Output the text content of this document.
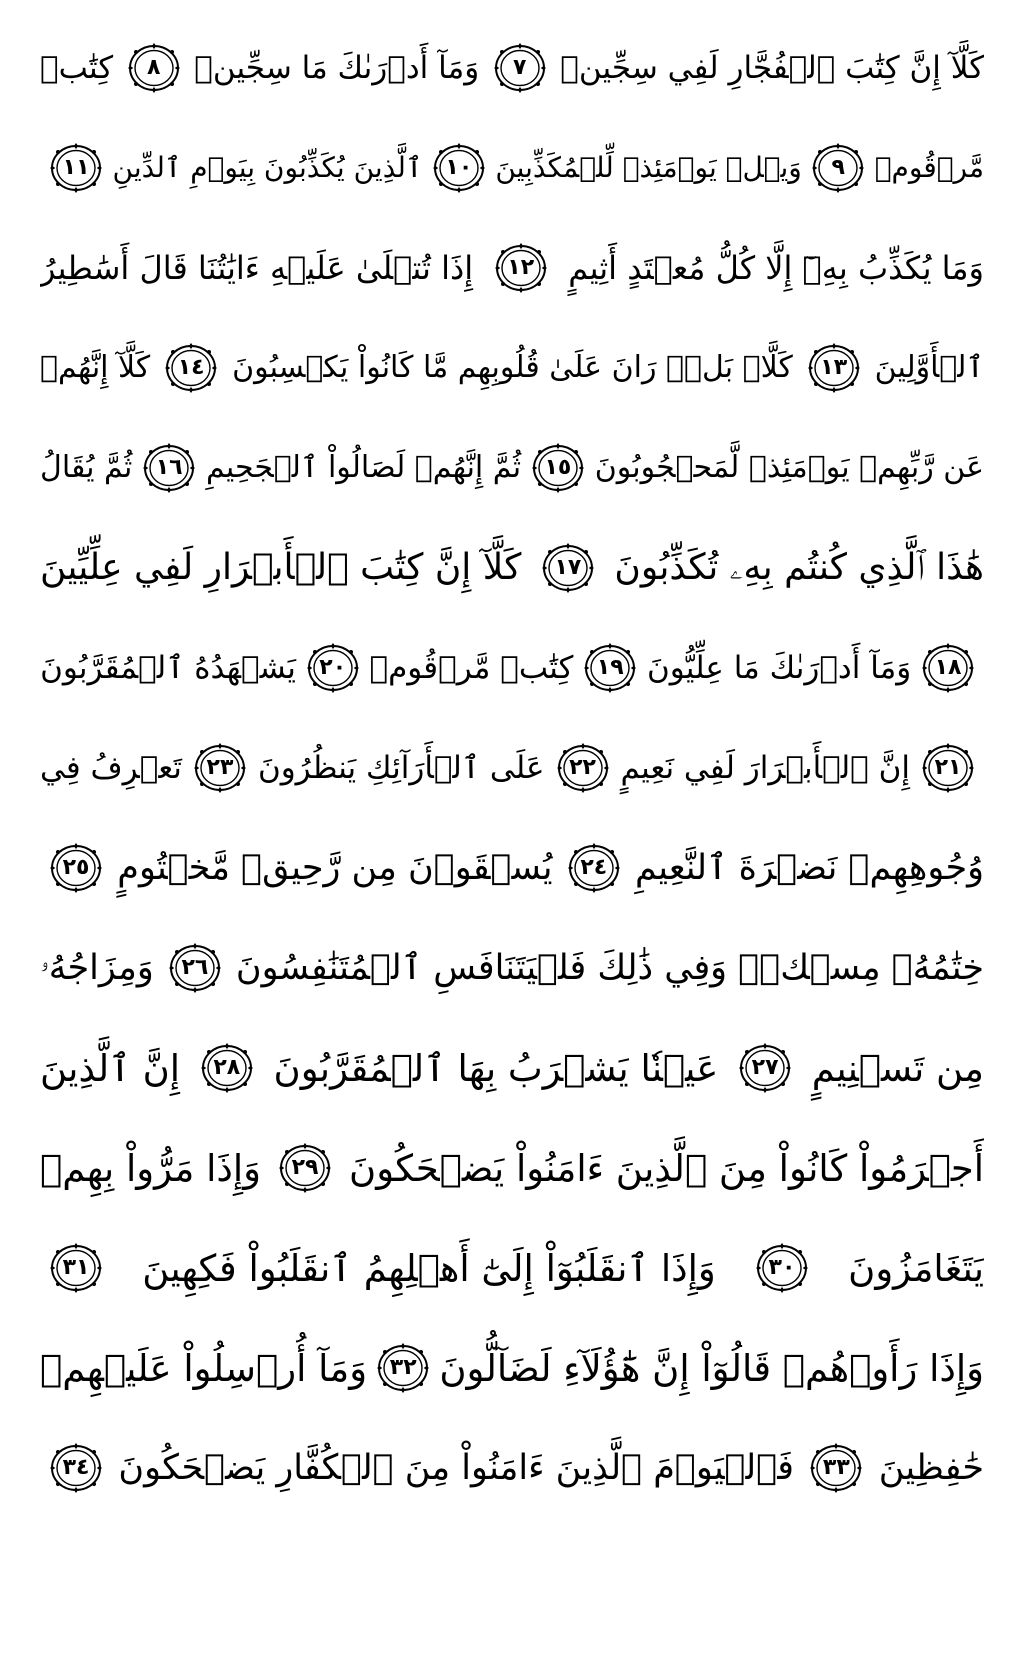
كَلَّآ إِنَّ كِتَٰبَ ٱلۡفُجَّارِ لَفِي سِجِّينٖ
٧
وَمَآ أَدۡرَىٰكَ مَا سِجِّينٞ
٨
كِتَٰبٞ
مَّرۡقُومٞ
٩
وَيۡلٞ يَوۡمَئِذٖ لِّلۡمُكَذِّبِينَ
١٠
ٱلَّذِينَ يُكَذِّبُونَ بِيَوۡمِ ٱلدِّينِ
١١
وَمَا يُكَذِّبُ بِهِۦٓ إِلَّا كُلُّ مُعۡتَدٍ أَثِيمٍ
١٢
إِذَا تُتۡلَىٰ عَلَيۡهِ ءَايَٰتُنَا قَالَ أَسَٰطِيرُ
ٱلۡأَوَّلِينَ
١٣
كَلَّاۖ بَلۡۜ رَانَ عَلَىٰ قُلُوبِهِم مَّا كَانُواْ يَكۡسِبُونَ
١٤
كَلَّآ إِنَّهُمۡ
عَن رَّبِّهِمۡ يَوۡمَئِذٖ لَّمَحۡجُوبُونَ
١٥
ثُمَّ إِنَّهُمۡ لَصَالُواْ ٱلۡجَحِيمِ
١٦
ثُمَّ يُقَالُ
هَٰذَا ٱلَّذِي كُنتُم بِهِۦ تُكَذِّبُونَ
١٧
كَلَّآ إِنَّ كِتَٰبَ ٱلۡأَبۡرَارِ لَفِي عِلِّيِّينَ
١٨
وَمَآ أَدۡرَىٰكَ مَا عِلِّيُّونَ
١٩
كِتَٰبٞ مَّرۡقُومٞ
٢٠
يَشۡهَدُهُ ٱلۡمُقَرَّبُونَ
٢١
إِنَّ ٱلۡأَبۡرَارَ لَفِي نَعِيمٍ
٢٢
عَلَى ٱلۡأَرَآئِكِ يَنظُرُونَ
٢٣
تَعۡرِفُ فِي
وُجُوهِهِمۡ نَضۡرَةَ ٱلنَّعِيمِ
٢٤
يُسۡقَوۡنَ مِن رَّحِيقٖ مَّخۡتُومٍ
٢٥
خِتَٰمُهُۥ مِسۡكٞۚ وَفِي ذَٰلِكَ فَلۡيَتَنَافَسِ ٱلۡمُتَنَٰفِسُونَ
٢٦
وَمِزَاجُهُۥ
مِن تَسۡنِيمٍ
٢٧
عَيۡنٗا يَشۡرَبُ بِهَا ٱلۡمُقَرَّبُونَ
٢٨
إِنَّ ٱلَّذِينَ
أَجۡرَمُواْ كَانُواْ مِنَ ٱلَّذِينَ ءَامَنُواْ يَضۡحَكُونَ
٢٩
وَإِذَا مَرُّواْ بِهِمۡ
يَتَغَامَزُونَ
٣٠
وَإِذَا ٱنقَلَبُوٓاْ إِلَىٰٓ أَهۡلِهِمُ ٱنقَلَبُواْ فَكِهِينَ
٣١
وَإِذَا رَأَوۡهُمۡ قَالُوٓاْ إِنَّ هَٰٓؤُلَآءِ لَضَآلُّونَ
٣٢
وَمَآ أُرۡسِلُواْ عَلَيۡهِمۡ
حَٰفِظِينَ
٣٣
فَٱلۡيَوۡمَ ٱلَّذِينَ ءَامَنُواْ مِنَ ٱلۡكُفَّارِ يَضۡحَكُونَ
٣٤
